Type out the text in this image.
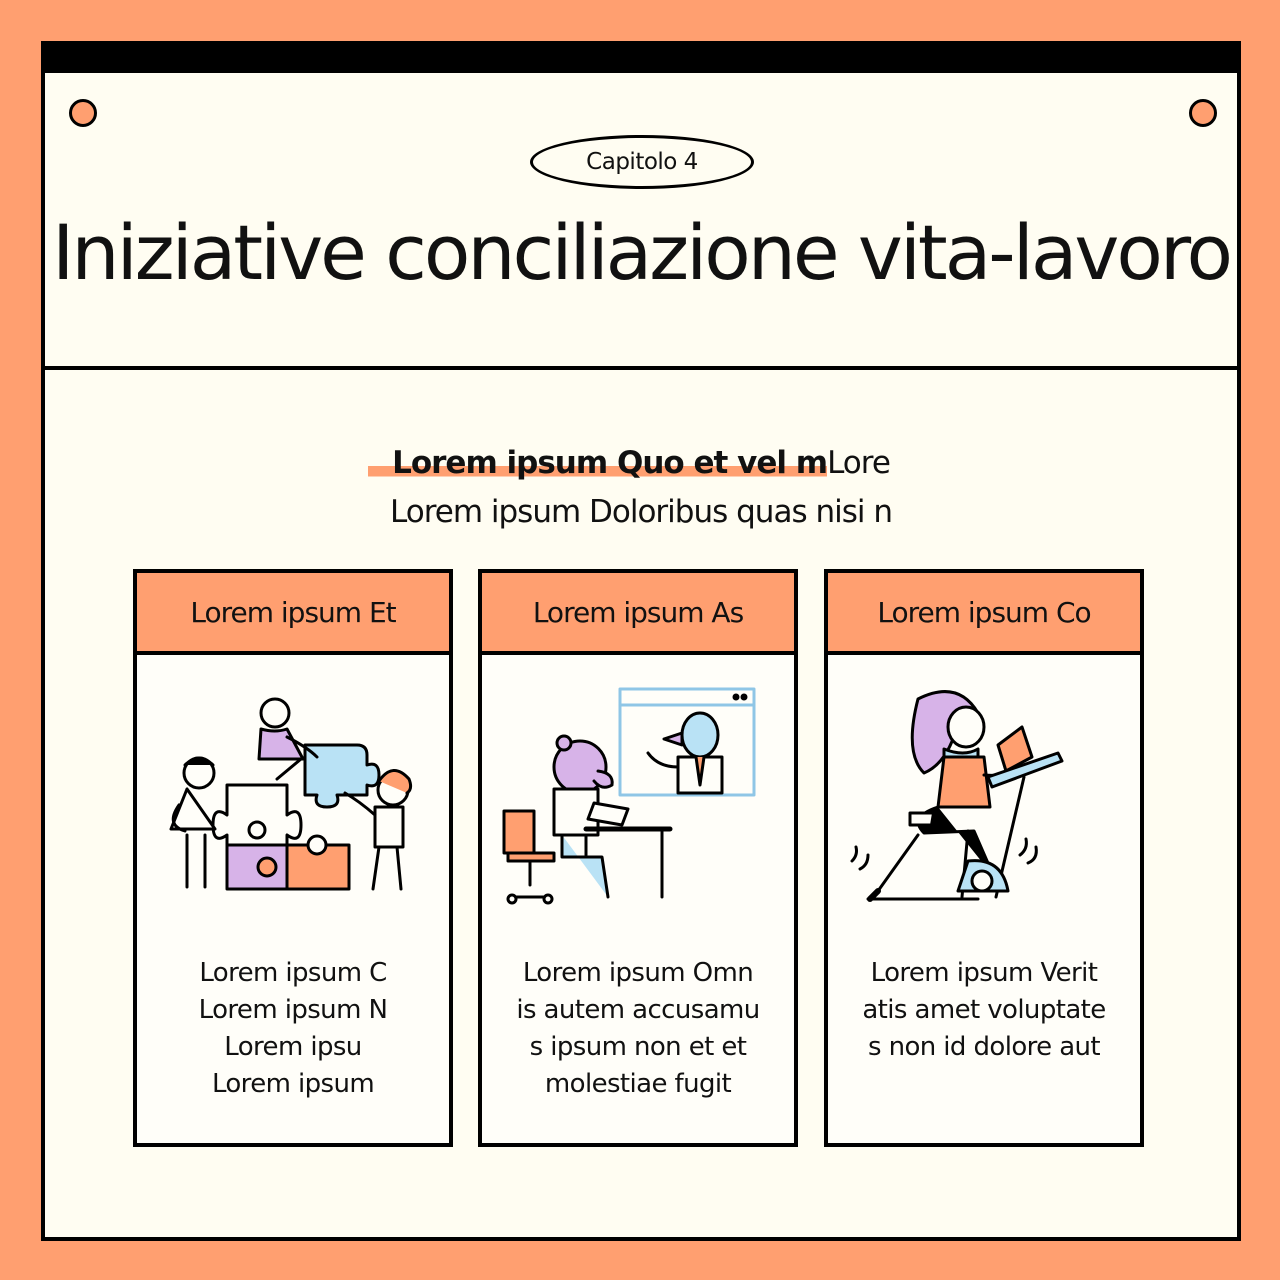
Capitolo 4
Iniziative conciliazione vita-lavoro
Lorem ipsum Quo et vel mLore
Lorem ipsum Doloribus quas nisi n
Lorem ipsum Et
Lorem ipsum C
Lorem ipsum N
Lorem ipsu
Lorem ipsum
Lorem ipsum As
Lorem ipsum Omn
is autem accusamu
s ipsum non et et
molestiae fugit
Lorem ipsum Co
Lorem ipsum Verit
atis amet voluptate
s non id dolore aut
